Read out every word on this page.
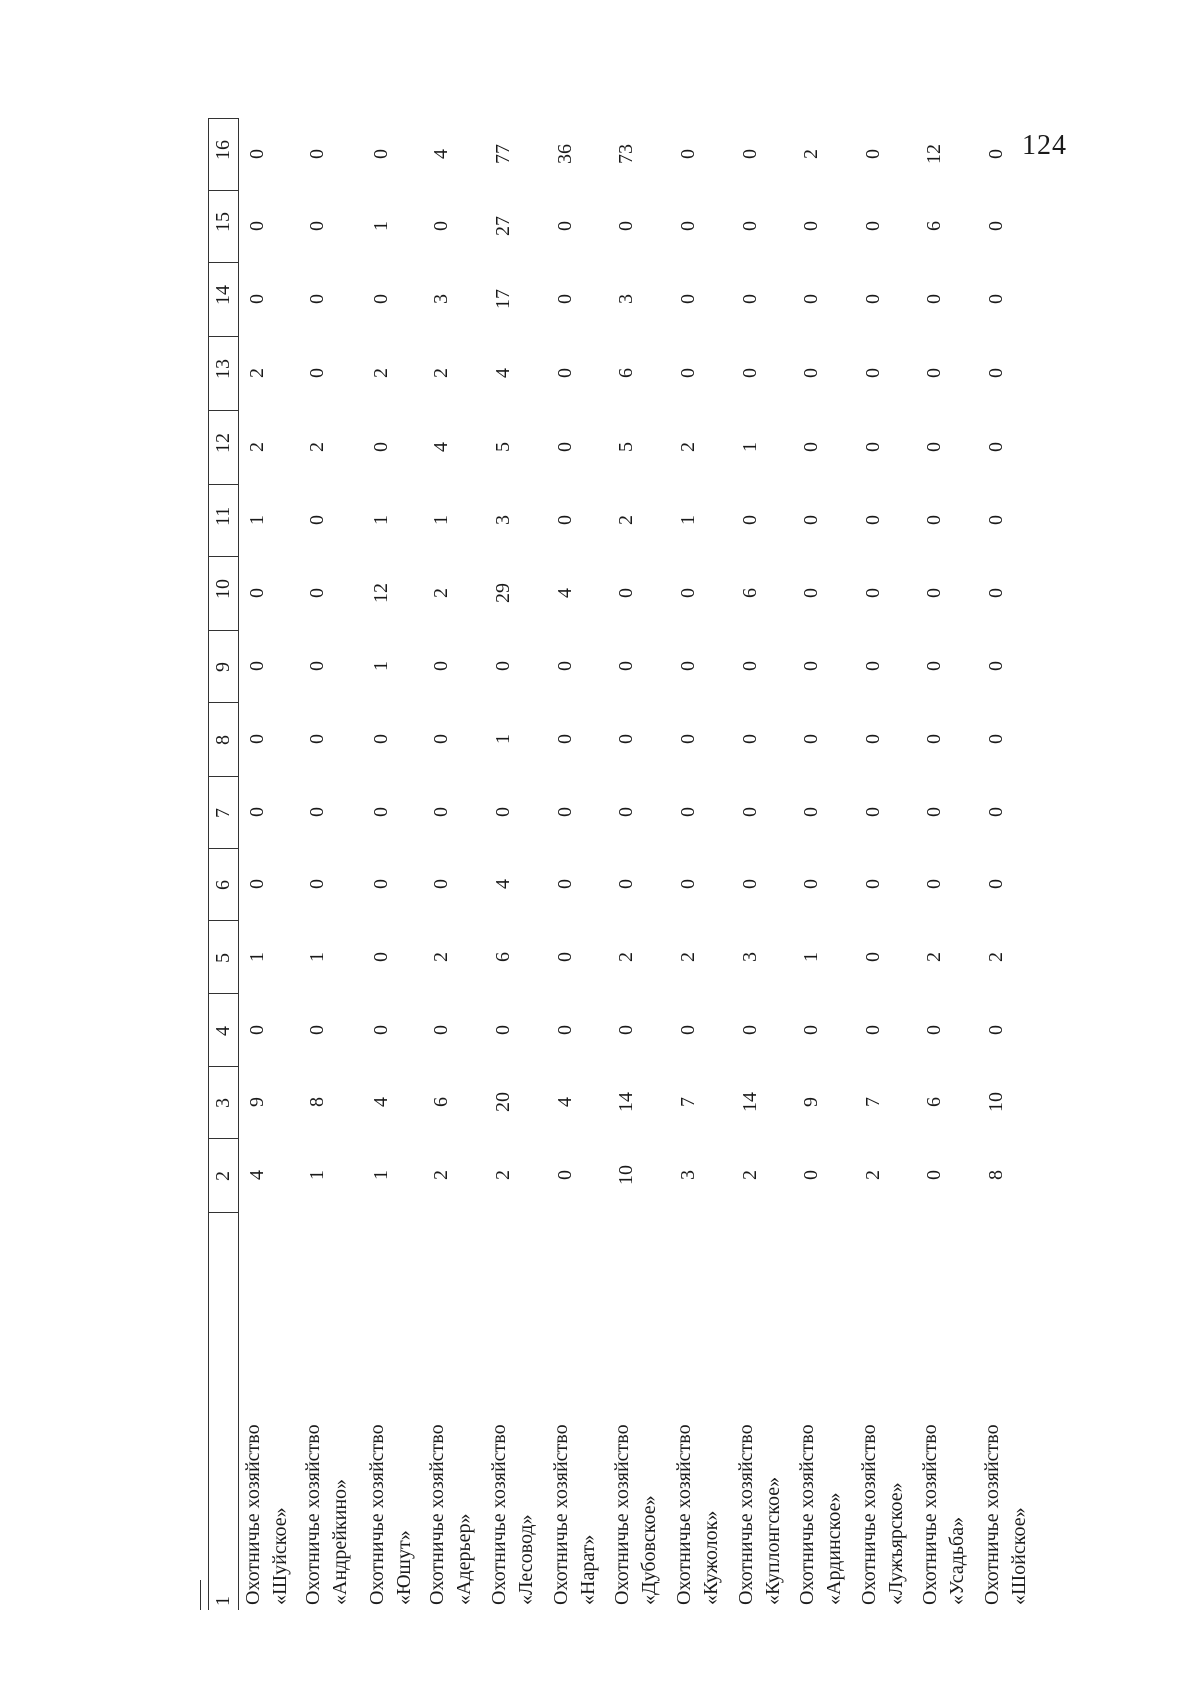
124
1
2
3
4
5
6
7
8
9
10
11
12
13
14
15
16
Охотничье хозяйство «Шуйское»
4
9
0
1
0
0
0
0
0
1
2
2
0
0
0
Охотничье хозяйство «Андрейкино»
1
8
0
1
0
0
0
0
0
0
2
0
0
0
0
Охотничье хозяйство «Юшут»
1
4
0
0
0
0
0
1
12
1
0
2
0
1
0
Охотничье хозяйство «Адерьер»
2
6
0
2
0
0
0
0
2
1
4
2
3
0
4
Охотничье хозяйство «Лесовод»
2
20
0
6
4
0
1
0
29
3
5
4
17
27
77
Охотничье хозяйство «Нарат»
0
4
0
0
0
0
0
0
4
0
0
0
0
0
36
Охотничье хозяйство «Дубовское»
10
14
0
2
0
0
0
0
0
2
5
6
3
0
73
Охотничье хозяйство «Кужолок»
3
7
0
2
0
0
0
0
0
1
2
0
0
0
0
Охотничье хозяйство «Куплонгское»
2
14
0
3
0
0
0
0
6
0
1
0
0
0
0
Охотничье хозяйство «Ардинское»
0
9
0
1
0
0
0
0
0
0
0
0
0
0
2
Охотничье хозяйство «Лужъярское»
2
7
0
0
0
0
0
0
0
0
0
0
0
0
0
Охотничье хозяйство «Усадьба»
0
6
0
2
0
0
0
0
0
0
0
0
0
6
12
Охотничье хозяйство «Шойское»
8
10
0
2
0
0
0
0
0
0
0
0
0
0
0
